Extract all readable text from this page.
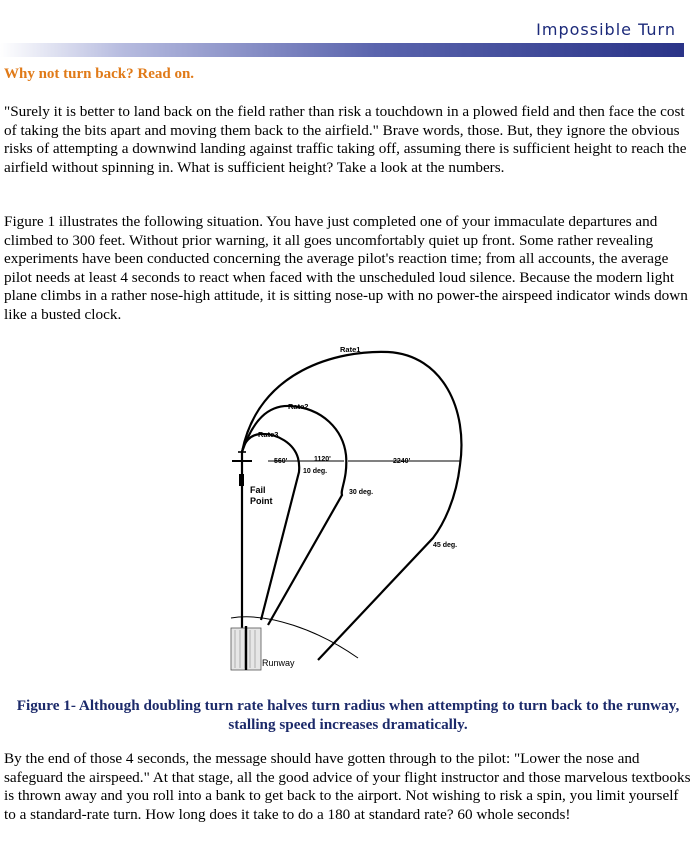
Impossible Turn
Why not turn back? Read on.

"Surely it is better to land back on the field rather than risk a touchdown in a plowed field and then face the cost of taking the bits apart and moving them back to the airfield." Brave words, those. But, they ignore the obvious risks of attempting a downwind landing against traffic taking off, assuming there is sufficient height to reach the airfield without spinning in. What is sufficient height? Take a look at the numbers.

Figure 1 illustrates the following situation. You have just completed one of your immaculate departures and climbed to 300 feet. Without prior warning, it all goes uncomfortably quiet up front. Some rather revealing experiments have been conducted concerning the average pilot's reaction time; from all accounts, the average pilot needs at least 4 seconds to react when faced with the unscheduled loud silence. Because the modern light plane climbs in a rather nose-high attitude, it is sitting nose-up with no power-the airspeed indicator winds down like a busted clock.

Rate1
Rate2
Rate3
560'	1120'	2240'
10 deg.
30 deg.
45 deg.
Fail
Point
Runway

Figure 1- Although doubling turn rate halves turn radius when attempting to turn back to the runway, stalling speed increases dramatically.

By the end of those 4 seconds, the message should have gotten through to the pilot: "Lower the nose and safeguard the airspeed." At that stage, all the good advice of your flight instructor and those marvelous textbooks is thrown away and you roll into a bank to get back to the airport. Not wishing to risk a spin, you limit yourself to a standard-rate turn. How long does it take to do a 180 at standard rate? 60 whole seconds!
